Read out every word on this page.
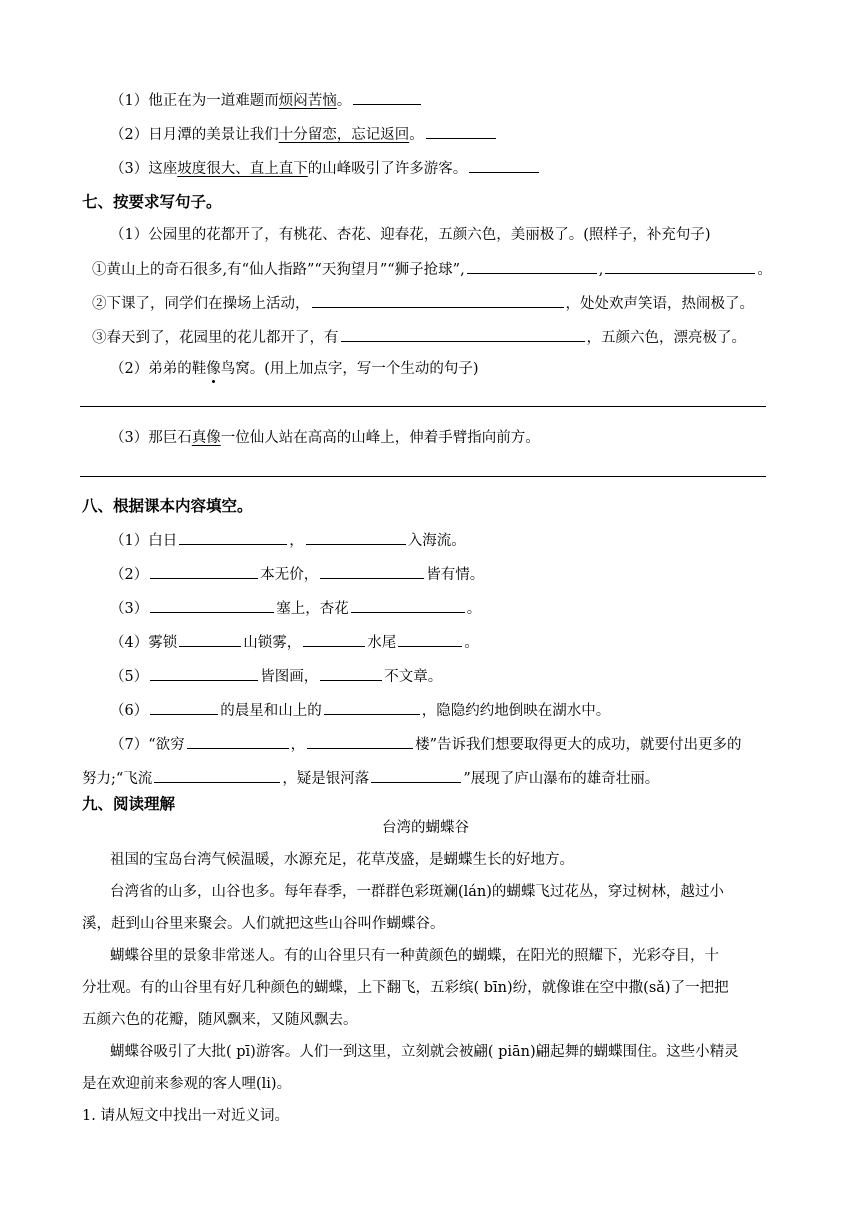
（1）他正在为一道难题而烦闷苦恼。
（2）日月潭的美景让我们十分留恋，忘记返回。
（3）这座坡度很大、直上直下的山峰吸引了许多游客。
七、按要求写句子。
（1）公园里的花都开了，有桃花、杏花、迎春花，五颜六色，美丽极了。(照样子，补充句子)
①黄山上的奇石很多,有“仙人指路”“天狗望月”“狮子抢球”,	,	。
②下课了，同学们在操场上活动，	，处处欢声笑语，热闹极了。
③春天到了，花园里的花儿都开了，有	，五颜六色，漂亮极了。
（2）弟弟的鞋像鸟窝。(用上加点字，写一个生动的句子)
（3）那巨石真像一位仙人站在高高的山峰上，伸着手臂指向前方。
八、根据课本内容填空。
（1）白日	，	入海流。
（2）	本无价，	皆有情。
（3）	塞上，杏花	。
（4）雾锁	山锁雾，	水尾	。
（5）	皆图画，	不文章。
（6）	的晨星和山上的	，隐隐约约地倒映在湖水中。
（7）“欲穷	，	楼”告诉我们想要取得更大的成功，就要付出更多的
努力;“飞流	，疑是银河落	”展现了庐山瀑布的雄奇壮丽。
九、阅读理解
台湾的蝴蝶谷
祖国的宝岛台湾气候温暖，水源充足，花草茂盛，是蝴蝶生长的好地方。
台湾省的山多，山谷也多。每年春季，一群群色彩斑斓(lán)的蝴蝶飞过花丛，穿过树林，越过小
溪，赶到山谷里来聚会。人们就把这些山谷叫作蝴蝶谷。
蝴蝶谷里的景象非常迷人。有的山谷里只有一种黄颜色的蝴蝶，在阳光的照耀下，光彩夺目，十
分壮观。有的山谷里有好几种颜色的蝴蝶，上下翻飞，五彩缤( bīn)纷，就像谁在空中撒(sǎ)了一把把
五颜六色的花瓣，随风飘来，又随风飘去。
蝴蝶谷吸引了大批( pī)游客。人们一到这里，立刻就会被翩( piān)翩起舞的蝴蝶围住。这些小精灵
是在欢迎前来参观的客人哩(li)。
1. 请从短文中找出一对近义词。
